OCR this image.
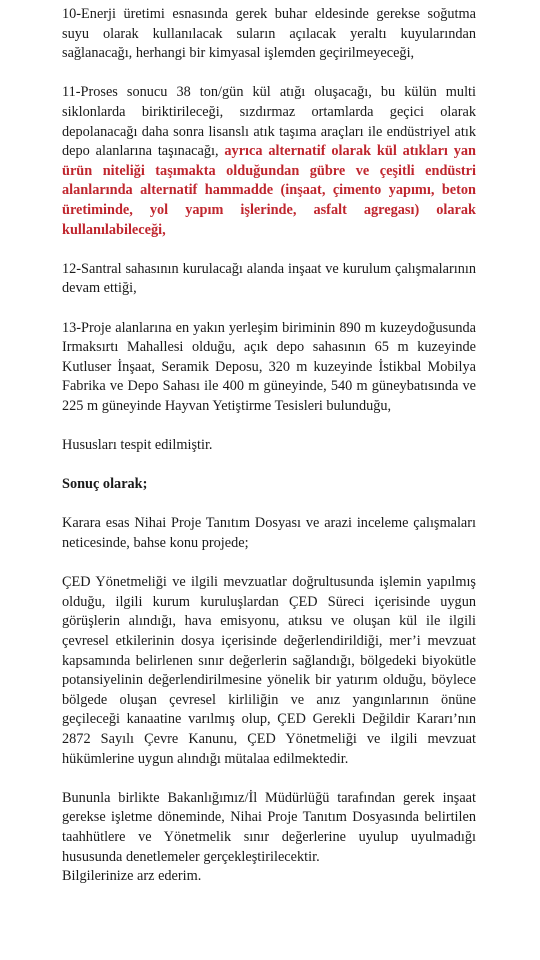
10-Enerji üretimi esnasında gerek buhar eldesinde gerekse soğutma suyu olarak kullanılacak suların açılacak yeraltı kuyularından sağlanacağı, herhangi bir kimyasal işlemden geçirilmeyeceği,

11-Proses sonucu 38 ton/gün kül atığı oluşacağı, bu külün multi siklonlarda biriktirileceği, sızdırmaz ortamlarda geçici olarak depolanacağı daha sonra lisanslı atık taşıma araçları ile endüstriyel atık depo alanlarına taşınacağı, ayrıca alternatif olarak kül atıkları yan ürün niteliği taşımakta olduğundan gübre ve çeşitli endüstri alanlarında alternatif hammadde (inşaat, çimento yapımı, beton üretiminde, yol yapım işlerinde, asfalt agregası) olarak kullanılabileceği,

12-Santral sahasının kurulacağı alanda inşaat ve kurulum çalışmalarının devam ettiği,

13-Proje alanlarına en yakın yerleşim biriminin 890 m kuzeydoğusunda Irmaksırtı Mahallesi olduğu, açık depo sahasının 65 m kuzeyinde Kutluser İnşaat, Seramik Deposu, 320 m kuzeyinde İstikbal Mobilya Fabrika ve Depo Sahası ile 400 m güneyinde, 540 m güneybatısında ve 225 m güneyinde Hayvan Yetiştirme Tesisleri bulunduğu,

Hususları tespit edilmiştir.

Sonuç olarak;

Karara esas Nihai Proje Tanıtım Dosyası ve arazi inceleme çalışmaları neticesinde, bahse konu projede;

ÇED Yönetmeliği ve ilgili mevzuatlar doğrultusunda işlemin yapılmış olduğu, ilgili kurum kuruluşlardan ÇED Süreci içerisinde uygun görüşlerin alındığı, hava emisyonu, atıksu ve oluşan kül ile ilgili çevresel etkilerinin dosya içerisinde değerlendirildiği, mer’i mevzuat kapsamında belirlenen sınır değerlerin sağlandığı, bölgedeki biyokütle potansiyelinin değerlendirilmesine yönelik bir yatırım olduğu, böylece bölgede oluşan çevresel kirliliğin ve anız yangınlarının önüne geçileceği kanaatine varılmış olup, ÇED Gerekli Değildir Kararı’nın 2872 Sayılı Çevre Kanunu, ÇED Yönetmeliği ve ilgili mevzuat hükümlerine uygun alındığı mütalaa edilmektedir.

Bununla birlikte Bakanlığımız/İl Müdürlüğü tarafından gerek inşaat gerekse işletme döneminde, Nihai Proje Tanıtım Dosyasında belirtilen taahhütlere ve Yönetmelik sınır değerlerine uyulup uyulmadığı hususunda denetlemeler gerçekleştirilecektir.

Bilgilerinize arz ederim.
